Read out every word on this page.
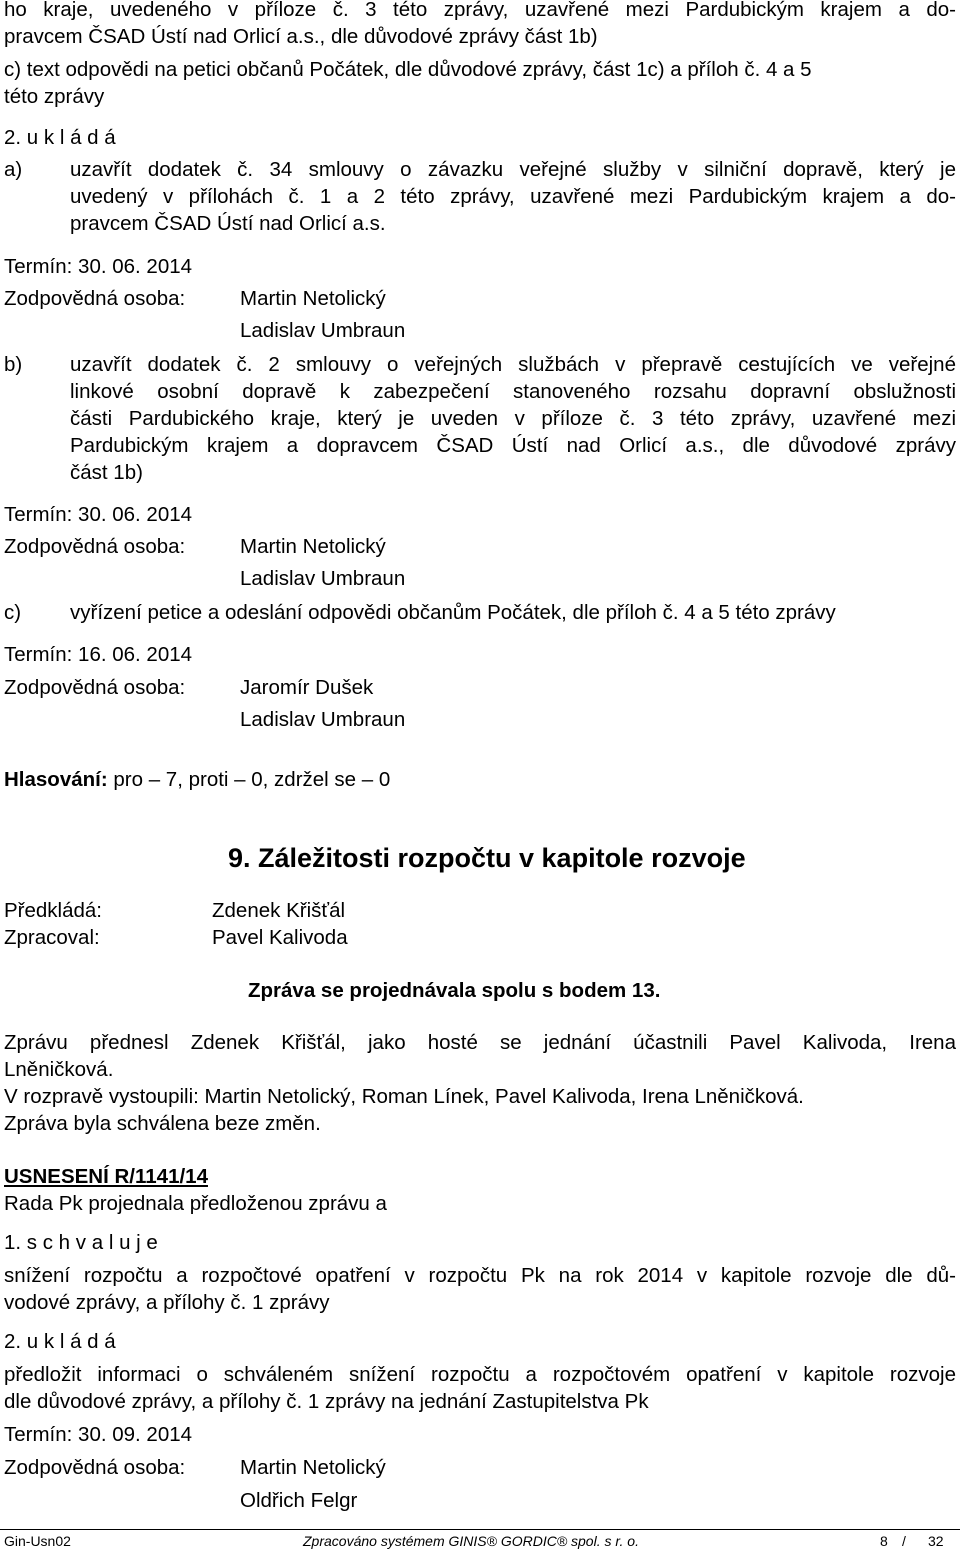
ho kraje, uvedeného v příloze č. 3 této zprávy, uzavřené mezi Pardubickým krajem a do-
pravcem ČSAD Ústí nad Orlicí a.s., dle důvodové zprávy část 1b)
c) text odpovědi na petici občanů Počátek, dle důvodové zprávy, část 1c) a příloh č. 4 a 5
této zprávy
2. u k l á d á
a) uzavřít dodatek č. 34 smlouvy o závazku veřejné služby v silniční dopravě, který je
uvedený v přílohách č. 1 a 2 této zprávy, uzavřené mezi Pardubickým krajem a do-
pravcem ČSAD Ústí nad Orlicí a.s.
Termín: 30. 06. 2014
Zodpovědná osoba:	Martin Netolický
Ladislav Umbraun
b) uzavřít dodatek č. 2 smlouvy o veřejných službách v přepravě cestujících ve veřejné
linkové osobní dopravě k zabezpečení stanoveného rozsahu dopravní obslužnosti
části Pardubického kraje, který je uveden v příloze č. 3 této zprávy, uzavřené mezi
Pardubickým krajem a dopravcem ČSAD Ústí nad Orlicí a.s., dle důvodové zprávy
část 1b)
Termín: 30. 06. 2014
Zodpovědná osoba:	Martin Netolický
Ladislav Umbraun
c) vyřízení petice a odeslání odpovědi občanům Počátek, dle příloh č. 4 a 5 této zprávy
Termín: 16. 06. 2014
Zodpovědná osoba:	Jaromír Dušek
Ladislav Umbraun
Hlasování: pro – 7, proti – 0, zdržel se – 0
9. Záležitosti rozpočtu v kapitole rozvoje
Předkládá:	Zdenek Křišťál
Zpracoval:	Pavel Kalivoda
Zpráva se projednávala spolu s bodem 13.
Zprávu přednesl Zdenek Křišťál, jako hosté se jednání účastnili Pavel Kalivoda, Irena
Lněničková.
V rozpravě vystoupili: Martin Netolický, Roman Línek, Pavel Kalivoda, Irena Lněničková.
Zpráva byla schválena beze změn.
USNESENÍ R/1141/14
Rada Pk projednala předloženou zprávu a
1. s c h v a l u j e
snížení rozpočtu a rozpočtové opatření v rozpočtu Pk na rok 2014 v kapitole rozvoje dle dů-
vodové zprávy, a přílohy č. 1 zprávy
2. u k l á d á
předložit informaci o schváleném snížení rozpočtu a rozpočtovém opatření v kapitole rozvoje
dle důvodové zprávy, a přílohy č. 1 zprávy na jednání Zastupitelstva Pk
Termín: 30. 09. 2014
Zodpovědná osoba:	Martin Netolický
Oldřich Felgr
Gin-Usn02	Zpracováno systémem GINIS® GORDIC® spol. s r. o.	8 / 32
